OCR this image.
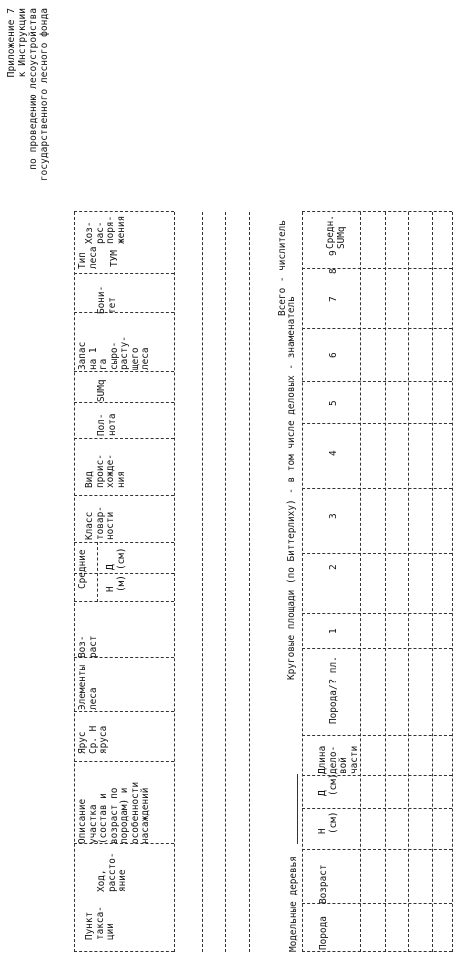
Приложение 7 к Инструкции по проведению лесоустройства государственного лесного фонда
Пункт
такса-
ции
Ход,
рассто-
яние
Описание
участка
(состав и
возраст по
породам) и
особенности
насаждений
Ярус
Ср. Н
яруса
Элементы
леса
Воз-
раст
Средние
Н
(м)
Д
(см)
Класс
товар-
ности
Вид
проис-
хожде-
ния
Пол-
нота
SUMq
Запас
на 1
га
сыро-
расту-
щего
леса
Бони-
тет
Тип
леса ТУМ
Хоз-
рас-
поря-
жения
Модельные деревья
Круговые площади (по Биттерлиху) - в том числе деловых - знаменатель
Всего - числитель
Порода
Возраст
Н
(см)
Д
(см)
Длина
дело-
вой
части
Порода/? пл.
1
2
3
4
5
6
7
8
9
Средн.
SUMq
